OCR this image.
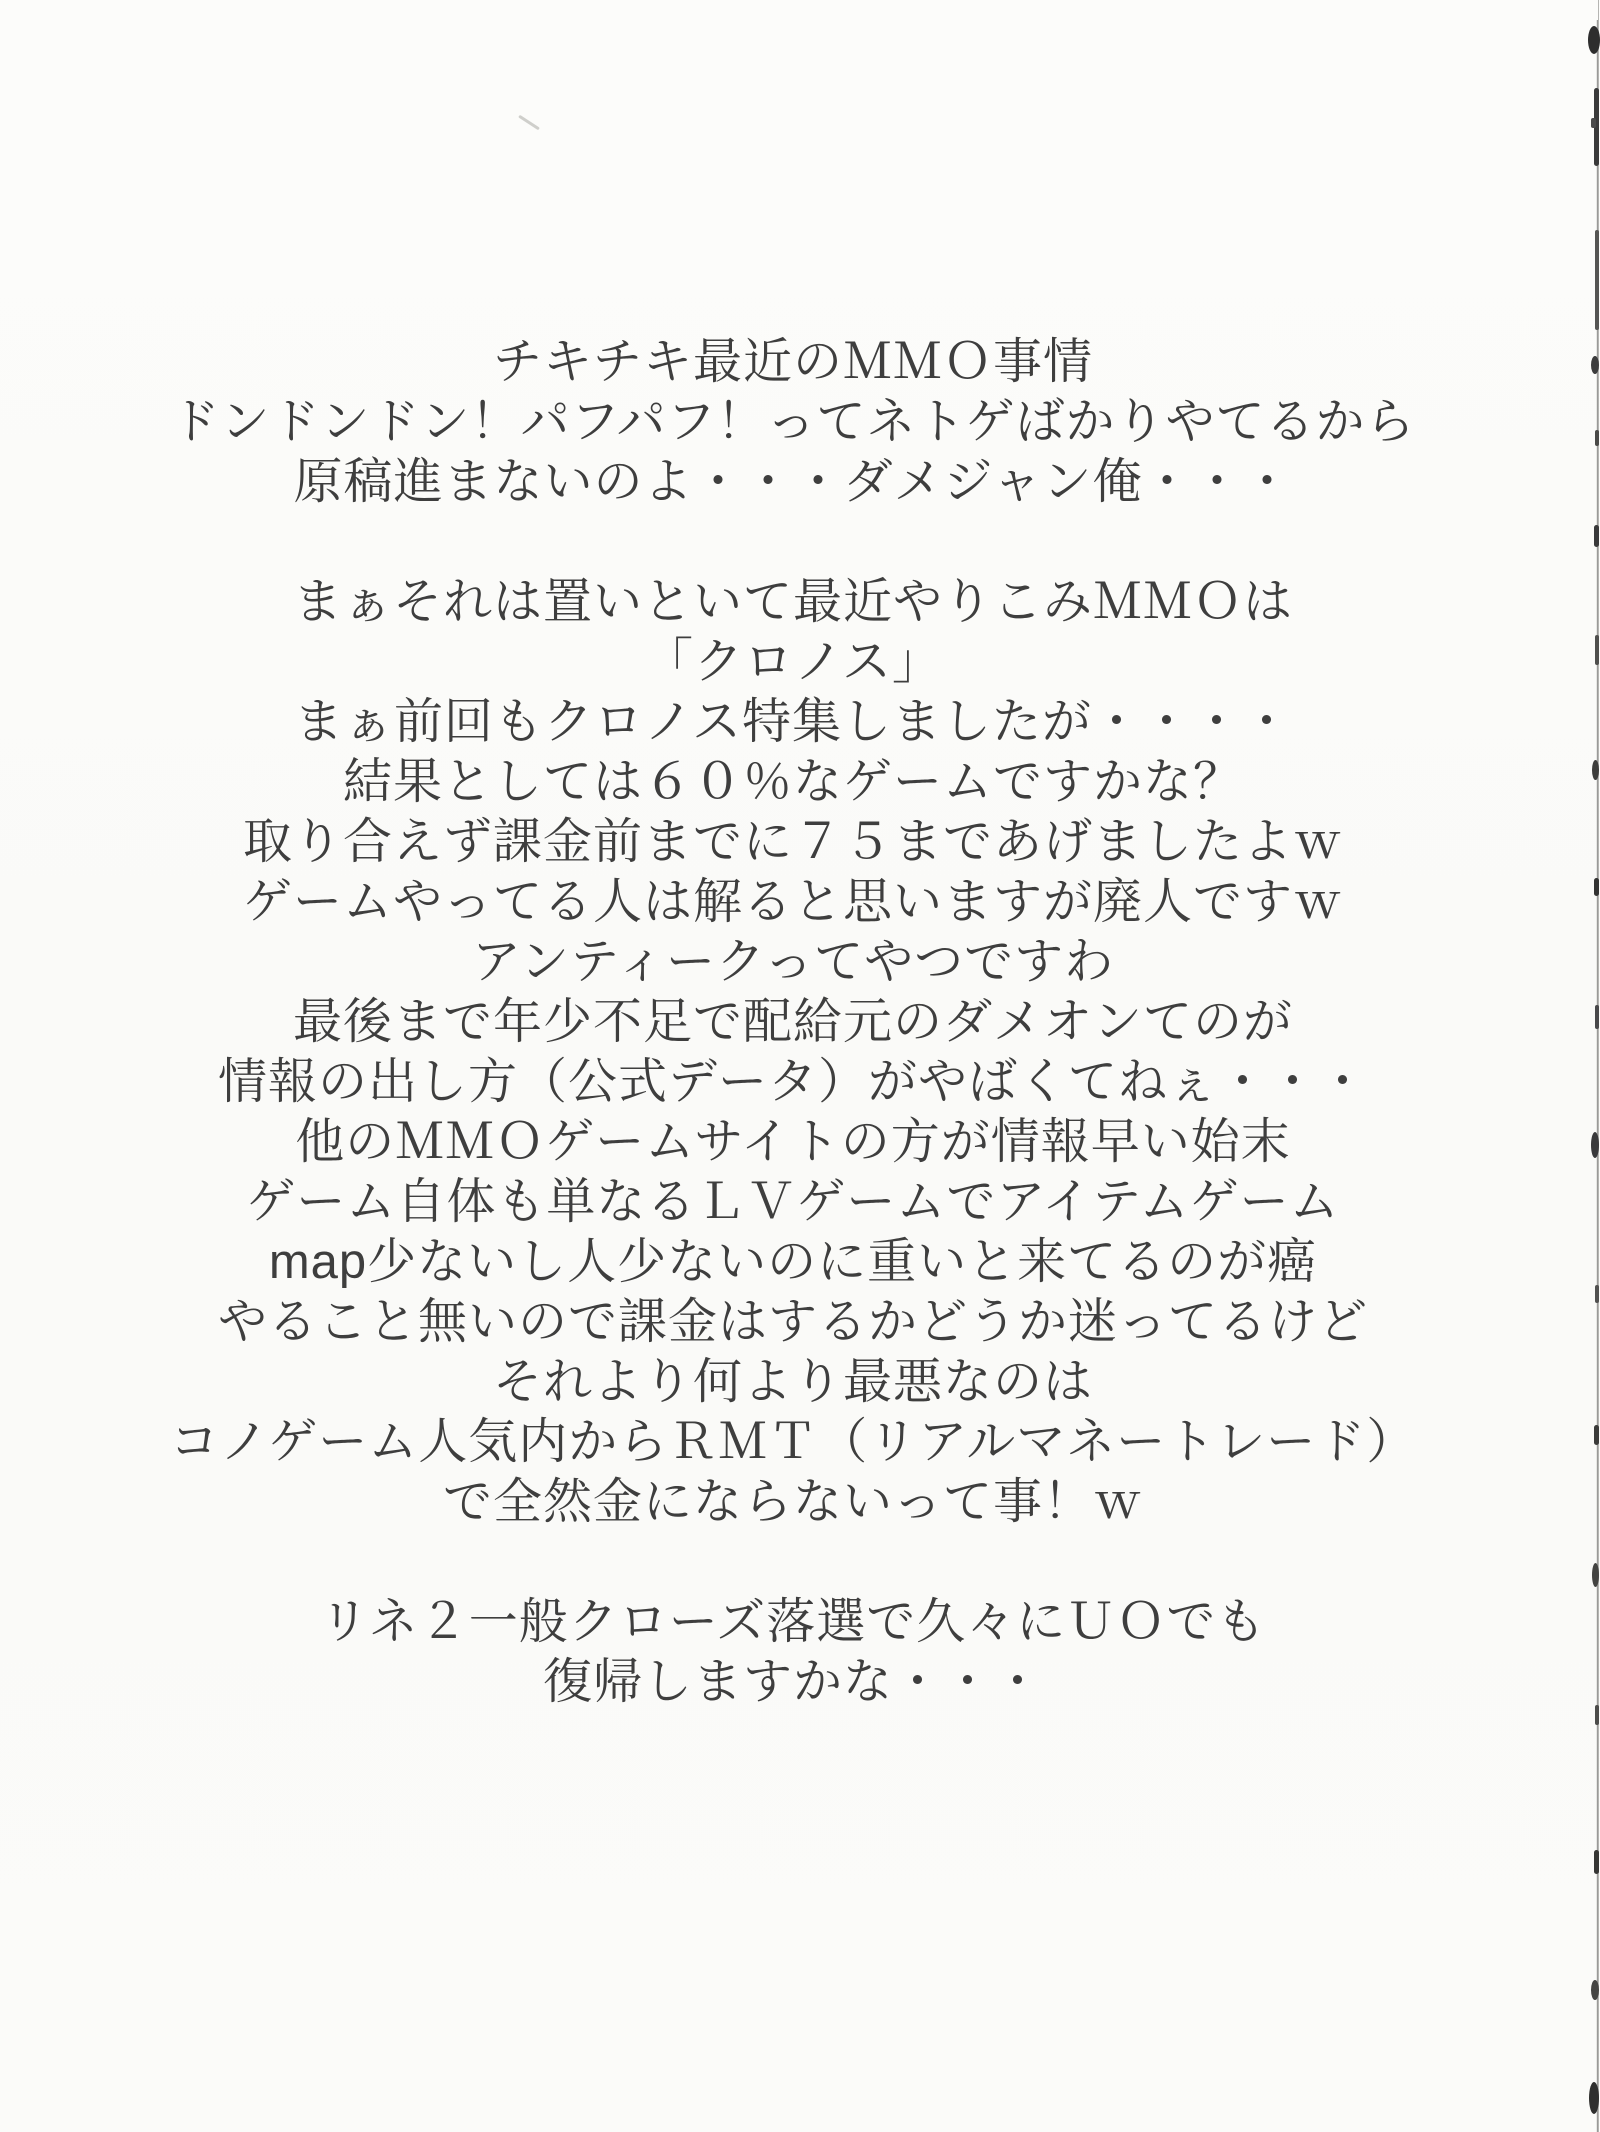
チキチキ最近のＭＭＯ事情
ドンドンドン！パフパフ！ってネトゲばかりやてるから
原稿進まないのよ・・・ダメジャン俺・・・
まぁそれは置いといて最近やりこみＭＭＯは
「クロノス」
まぁ前回もクロノス特集しましたが・・・・
結果としては６０％なゲームですかな？
取り合えず課金前までに７５まであげましたよｗ
ゲームやってる人は解ると思いますが廃人ですｗ
アンティークってやつですわ
最後まで年少不足で配給元のダメオンてのが
情報の出し方（公式データ）がやばくてねぇ・・・
他のＭＭＯゲームサイトの方が情報早い始末
ゲーム自体も単なるＬＶゲームでアイテムゲーム
map少ないし人少ないのに重いと来てるのが癌
やること無いので課金はするかどうか迷ってるけど
それより何より最悪なのは
コノゲーム人気内からＲＭＴ（リアルマネートレード）
で全然金にならないって事！ｗ
リネ２一般クローズ落選で久々にＵＯでも
復帰しますかな・・・
